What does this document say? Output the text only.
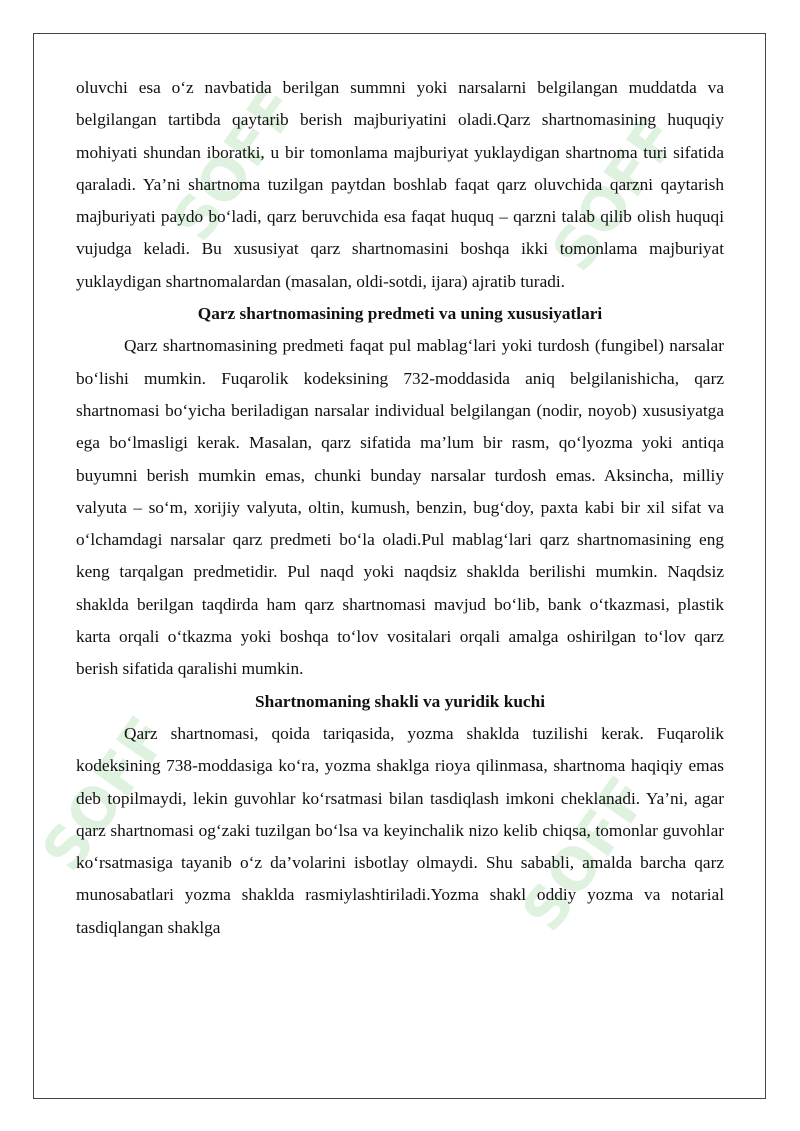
SOFF
SOFF	SOFF
SOFF

oluvchi esa o‘z navbatida berilgan summni yoki narsalarni belgilangan muddatda va belgilangan tartibda qaytarib berish majburiyatini oladi.Qarz shartnomasining huquqiy mohiyati shundan iboratki, u bir tomonlama majburiyat yuklaydigan shartnoma turi sifatida qaraladi. Ya’ni shartnoma tuzilgan paytdan boshlab faqat qarz oluvchida qarzni qaytarish majburiyati paydo bo‘ladi, qarz beruvchida esa faqat huquq – qarzni talab qilib olish huquqi vujudga keladi. Bu xususiyat qarz shartnomasini boshqa ikki tomonlama majburiyat yuklaydigan shartnomalardan (masalan, oldi-sotdi, ijara) ajratib turadi.

Qarz shartnomasining predmeti va uning xususiyatlari

Qarz shartnomasining predmeti faqat pul mablag‘lari yoki turdosh (fungibel) narsalar bo‘lishi mumkin. Fuqarolik kodeksining 732-moddasida aniq belgilanishicha, qarz shartnomasi bo‘yicha beriladigan narsalar individual belgilangan (nodir, noyob) xususiyatga ega bo‘lmasligi kerak. Masalan, qarz sifatida ma’lum bir rasm, qo‘lyozma yoki antiqa buyumni berish mumkin emas, chunki bunday narsalar turdosh emas. Aksincha, milliy valyuta – so‘m, xorijiy valyuta, oltin, kumush, benzin, bug‘doy, paxta kabi bir xil sifat va o‘lchamdagi narsalar qarz predmeti bo‘la oladi.Pul mablag‘lari qarz shartnomasining eng keng tarqalgan predmetidir. Pul naqd yoki naqdsiz shaklda berilishi mumkin. Naqdsiz shaklda berilgan taqdirda ham qarz shartnomasi mavjud bo‘lib, bank o‘tkazmasi, plastik karta orqali o‘tkazma yoki boshqa to‘lov vositalari orqali amalga oshirilgan to‘lov qarz berish sifatida qaralishi mumkin.

Shartnomaning shakli va yuridik kuchi

Qarz shartnomasi, qoida tariqasida, yozma shaklda tuzilishi kerak. Fuqarolik kodeksining 738-moddasiga ko‘ra, yozma shaklga rioya qilinmasa, shartnoma haqiqiy emas deb topilmaydi, lekin guvohlar ko‘rsatmasi bilan tasdiqlash imkoni cheklanadi. Ya’ni, agar qarz shartnomasi og‘zaki tuzilgan bo‘lsa va keyinchalik nizo kelib chiqsa, tomonlar guvohlar ko‘rsatmasiga tayanib o‘z da’volarini isbotlay olmaydi. Shu sababli, amalda barcha qarz munosabatlari yozma shaklda rasmiylashtiriladi.Yozma shakl oddiy yozma va notarial tasdiqlangan shaklga
